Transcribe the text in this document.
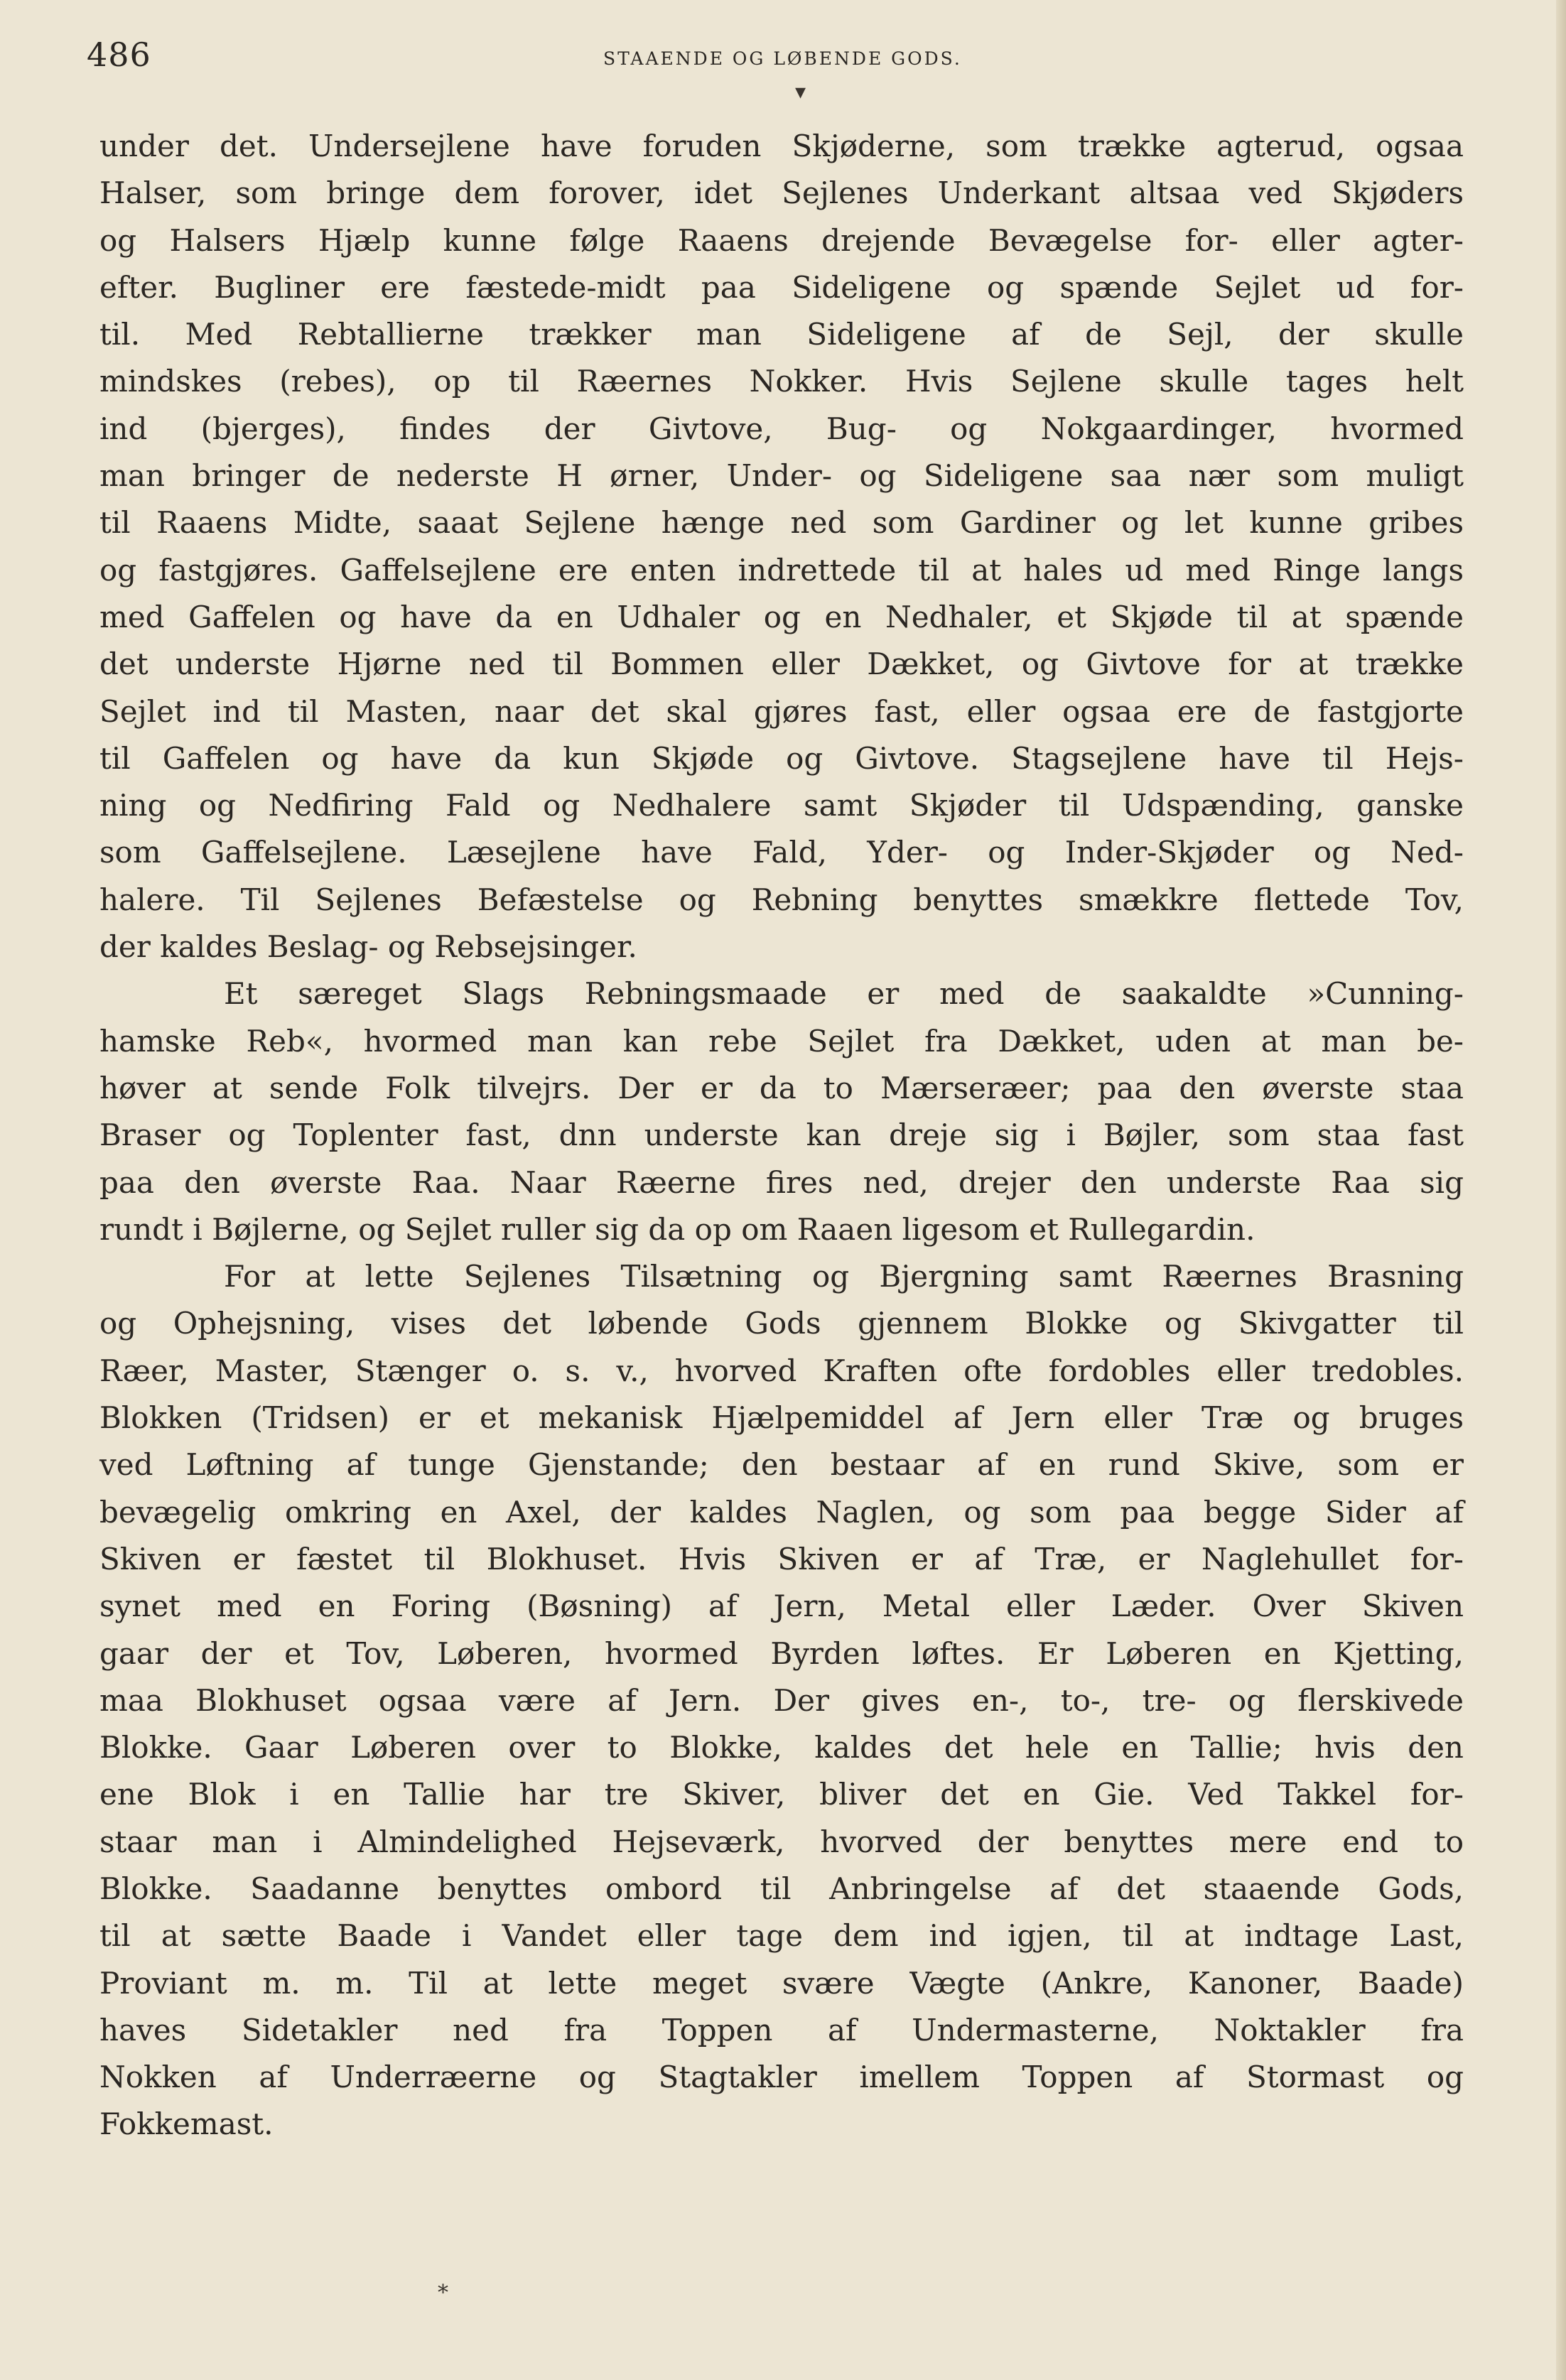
▾
486	STAAENDE OG LØBENDE GODS.
under det. Undersejlene have foruden Skjøderne, som trække agterud, ogsaa
Halser, som bringe dem forover, idet Sejlenes Underkant altsaa ved Skjøders
og Halsers Hjælp kunne følge Raaens drejende Bevægelse for- eller agter-
efter. Bugliner ere fæstede-midt paa Sideligene og spænde Sejlet ud for-
til. Med Rebtallierne trækker man Sideligene af de Sejl, der skulle
mindskes (rebes), op til Ræernes Nokker. Hvis Sejlene skulle tages helt
ind (bjerges), findes der Givtove, Bug- og Nokgaardinger, hvormed
man bringer de nederste H ørner, Under- og Sideligene saa nær som muligt
til Raaens Midte, saaat Sejlene hænge ned som Gardiner og let kunne gribes
og fastgjøres. Gaffelsejlene ere enten indrettede til at hales ud med Ringe langs
med Gaffelen og have da en Udhaler og en Nedhaler, et Skjøde til at spænde
det underste Hjørne ned til Bommen eller Dækket, og Givtove for at trække
Sejlet ind til Masten, naar det skal gjøres fast, eller ogsaa ere de fastgjorte
til Gaffelen og have da kun Skjøde og Givtove. Stagsejlene have til Hejs-
ning og Nedfiring Fald og Nedhalere samt Skjøder til Udspænding, ganske
som Gaffelsejlene. Læsejlene have Fald, Yder- og Inder-Skjøder og Ned-
halere. Til Sejlenes Befæstelse og Rebning benyttes smækkre flettede Tov,
der kaldes Beslag- og Rebsejsinger.
Et særeget Slags Rebningsmaade er med de saakaldte »Cunning-
hamske Reb«, hvormed man kan rebe Sejlet fra Dækket, uden at man be-
høver at sende Folk tilvejrs. Der er da to Mærseræer; paa den øverste staa
Braser og Toplenter fast, dnn underste kan dreje sig i Bøjler, som staa fast
paa den øverste Raa. Naar Ræerne fires ned, drejer den underste Raa sig
rundt i Bøjlerne, og Sejlet ruller sig da op om Raaen ligesom et Rullegardin.
For at lette Sejlenes Tilsætning og Bjergning samt Ræernes Brasning
og Ophejsning, vises det løbende Gods gjennem Blokke og Skivgatter til
Ræer, Master, Stænger o. s. v., hvorved Kraften ofte fordobles eller tredobles.
Blokken (Tridsen) er et mekanisk Hjælpemiddel af Jern eller Træ og bruges
ved Løftning af tunge Gjenstande; den bestaar af en rund Skive, som er
bevægelig omkring en Axel, der kaldes Naglen, og som paa begge Sider af
Skiven er fæstet til Blokhuset. Hvis Skiven er af Træ, er Naglehullet for-
synet med en Foring (Bøsning) af Jern, Metal eller Læder. Over Skiven
gaar der et Tov, Løberen, hvormed Byrden løftes. Er Løberen en Kjetting,
maa Blokhuset ogsaa være af Jern. Der gives en-, to-, tre- og flerskivede
Blokke. Gaar Løberen over to Blokke, kaldes det hele en Tallie; hvis den
ene Blok i en Tallie har tre Skiver, bliver det en Gie. Ved Takkel for-
staar man i Almindelighed Hejseværk, hvorved der benyttes mere end to
Blokke. Saadanne benyttes ombord til Anbringelse af det staaende Gods,
til at sætte Baade i Vandet eller tage dem ind igjen, til at indtage Last,
Proviant m. m. Til at lette meget svære Vægte (Ankre, Kanoner, Baade)
haves Sidetakler ned fra Toppen af Undermasterne, Noktakler fra
Nokken af Underræerne og Stagtakler imellem Toppen af Stormast og
Fokkemast.
*
